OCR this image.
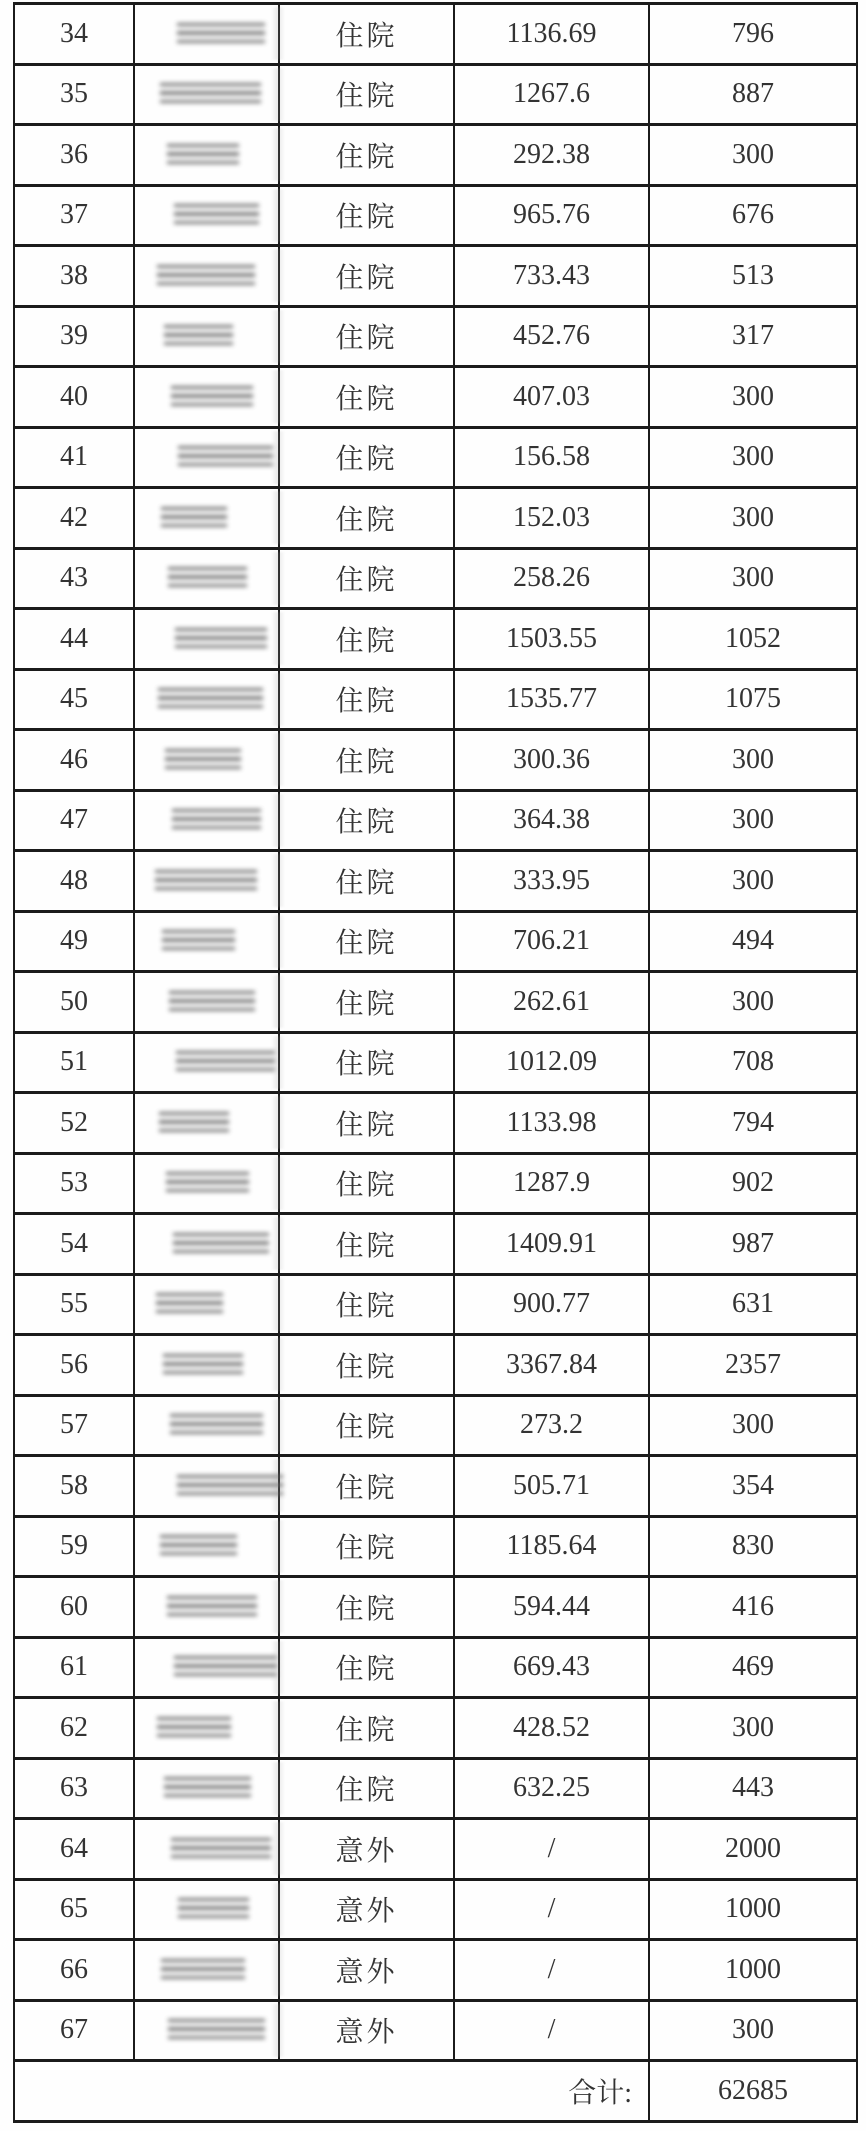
34		住院	1136.69	796
35		住院	1267.6	887
36		住院	292.38	300
37		住院	965.76	676
38		住院	733.43	513
39		住院	452.76	317
40		住院	407.03	300
41		住院	156.58	300
42		住院	152.03	300
43		住院	258.26	300
44		住院	1503.55	1052
45		住院	1535.77	1075
46		住院	300.36	300
47		住院	364.38	300
48		住院	333.95	300
49		住院	706.21	494
50		住院	262.61	300
51		住院	1012.09	708
52		住院	1133.98	794
53		住院	1287.9	902
54		住院	1409.91	987
55		住院	900.77	631
56		住院	3367.84	2357
57		住院	273.2	300
58		住院	505.71	354
59		住院	1185.64	830
60		住院	594.44	416
61		住院	669.43	469
62		住院	428.52	300
63		住院	632.25	443
64		意外	/	2000
65		意外	/	1000
66		意外	/	1000
67		意外	/	300
合计:				62685
